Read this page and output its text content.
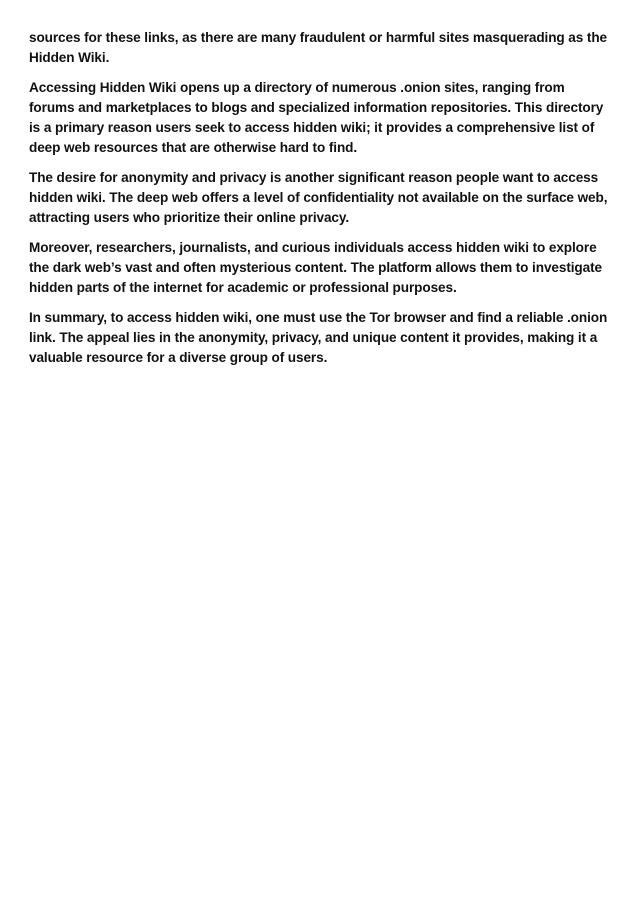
sources for these links, as there are many fraudulent or harmful sites masquerading as the Hidden Wiki.

Accessing Hidden Wiki opens up a directory of numerous .onion sites, ranging from forums and marketplaces to blogs and specialized information repositories. This directory is a primary reason users seek to access hidden wiki; it provides a comprehensive list of deep web resources that are otherwise hard to find.

The desire for anonymity and privacy is another significant reason people want to access hidden wiki. The deep web offers a level of confidentiality not available on the surface web, attracting users who prioritize their online privacy.

Moreover, researchers, journalists, and curious individuals access hidden wiki to explore the dark web’s vast and often mysterious content. The platform allows them to investigate hidden parts of the internet for academic or professional purposes.

In summary, to access hidden wiki, one must use the Tor browser and find a reliable .onion link. The appeal lies in the anonymity, privacy, and unique content it provides, making it a valuable resource for a diverse group of users.
